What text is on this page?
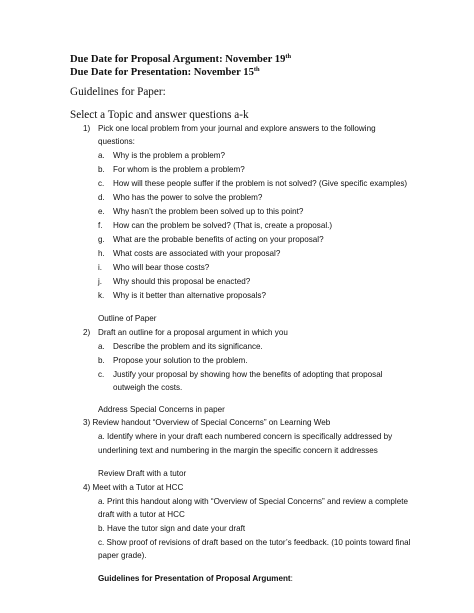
Due Date for Proposal Argument: November 19th
Due Date for Presentation: November 15th
Guidelines for Paper:
Select a Topic and answer questions a-k
1) Pick one local problem from your journal and explore answers to the following
questions:
a. Why is the problem a problem?
b. For whom is the problem a problem?
c. How will these people suffer if the problem is not solved? (Give specific examples)
d. Who has the power to solve the problem?
e. Why hasn’t the problem been solved up to this point?
f. How can the problem be solved? (That is, create a proposal.)
g. What are the probable benefits of acting on your proposal?
h. What costs are associated with your proposal?
i. Who will bear those costs?
j. Why should this proposal be enacted?
k. Why is it better than alternative proposals?
Outline of Paper
2) Draft an outline for a proposal argument in which you
a. Describe the problem and its significance.
b. Propose your solution to the problem.
c. Justify your proposal by showing how the benefits of adopting that proposal
outweigh the costs.
Address Special Concerns in paper
3) Review handout “Overview of Special Concerns” on Learning Web
a. Identify where in your draft each numbered concern is specifically addressed by
underlining text and numbering in the margin the specific concern it addresses
Review Draft with a tutor
4) Meet with a Tutor at HCC
a. Print this handout along with “Overview of Special Concerns” and review a complete
draft with a tutor at HCC
b. Have the tutor sign and date your draft
c. Show proof of revisions of draft based on the tutor’s feedback. (10 points toward final
paper grade).
Guidelines for Presentation of Proposal Argument:
